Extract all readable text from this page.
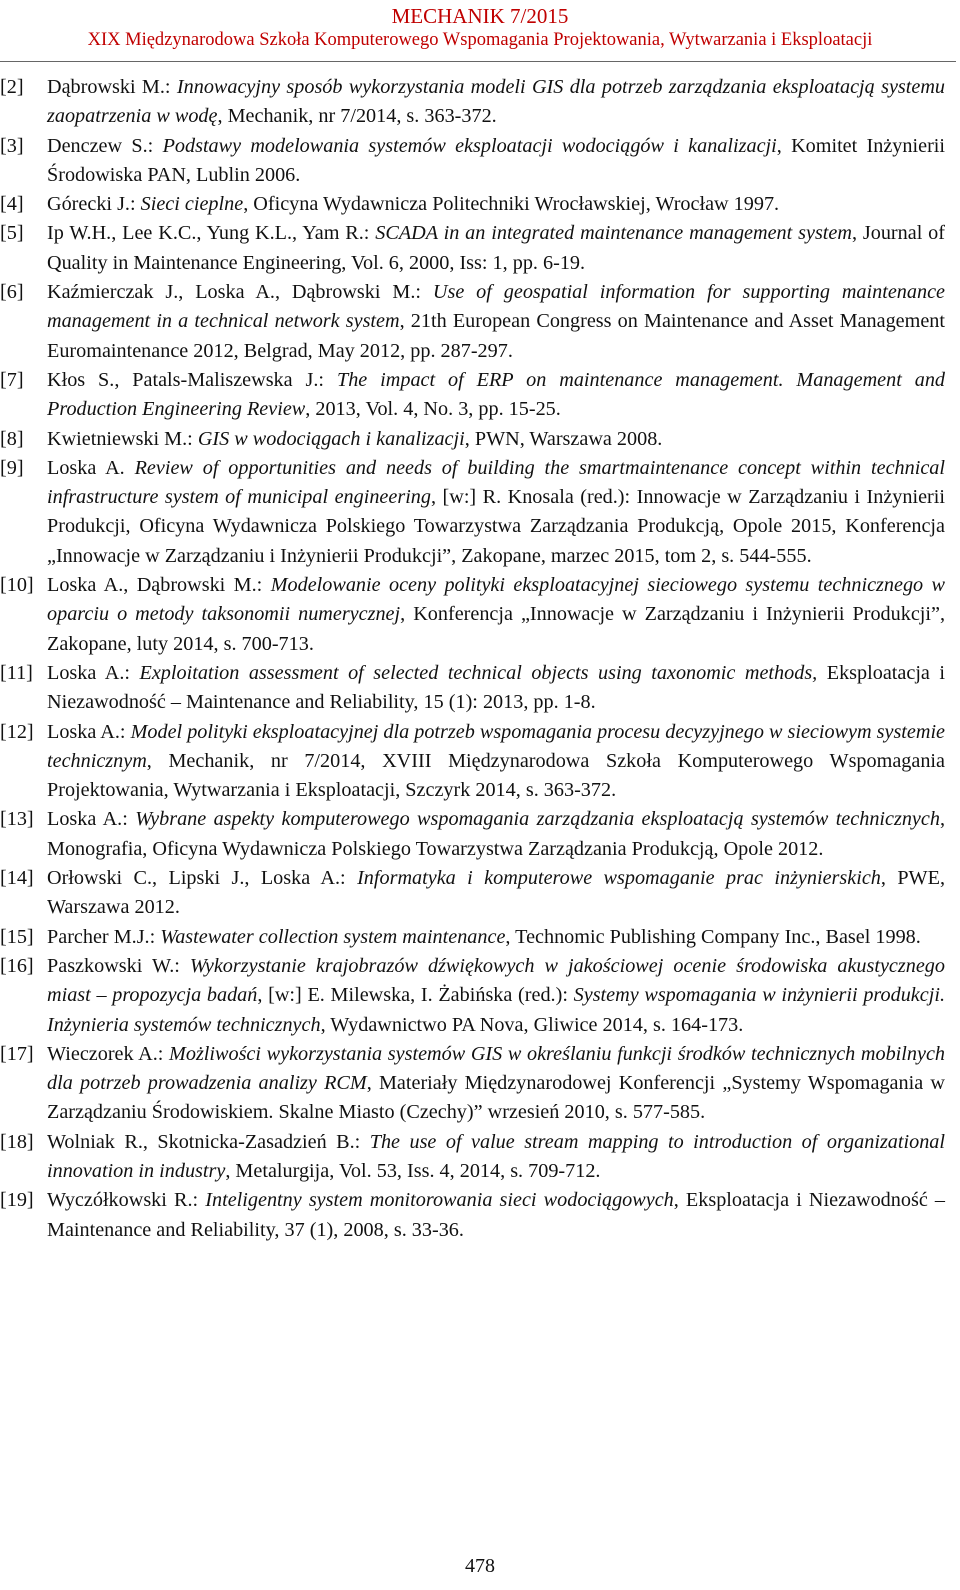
MECHANIK 7/2015
XIX Międzynarodowa Szkoła Komputerowego Wspomagania Projektowania, Wytwarzania i Eksploatacji
[2]	Dąbrowski M.: Innowacyjny sposób wykorzystania modeli GIS dla potrzeb zarządzania eksploatacją systemu zaopatrzenia w wodę, Mechanik, nr 7/2014, s. 363-372.
[3]	Denczew S.: Podstawy modelowania systemów eksploatacji wodociągów i kanalizacji, Komitet Inżynierii Środowiska PAN, Lublin 2006.
[4]	Górecki J.: Sieci cieplne, Oficyna Wydawnicza Politechniki Wrocławskiej, Wrocław 1997.
[5]	Ip W.H., Lee K.C., Yung K.L., Yam R.: SCADA in an integrated maintenance management system, Journal of Quality in Maintenance Engineering, Vol. 6, 2000, Iss: 1, pp. 6-19.
[6]	Kaźmierczak J., Loska A., Dąbrowski M.: Use of geospatial information for supporting maintenance management in a technical network system, 21th European Congress on Maintenance and Asset Management Euromaintenance 2012, Belgrad, May 2012, pp. 287-297.
[7]	Kłos S., Patals-Maliszewska J.: The impact of ERP on maintenance management. Management and Production Engineering Review, 2013, Vol. 4, No. 3, pp. 15-25.
[8]	Kwietniewski M.: GIS w wodociągach i kanalizacji, PWN, Warszawa 2008.
[9]	Loska A. Review of opportunities and needs of building the smartmaintenance concept within technical infrastructure system of municipal engineering, [w:] R. Knosala (red.): Innowacje w Zarządzaniu i Inżynierii Produkcji, Oficyna Wydawnicza Polskiego Towarzystwa Zarządzania Produkcją, Opole 2015, Konferencja „Innowacje w Zarządzaniu i Inżynierii Produkcji”, Zakopane, marzec 2015, tom 2, s. 544-555.
[10] Loska A., Dąbrowski M.: Modelowanie oceny polityki eksploatacyjnej sieciowego systemu technicznego w oparciu o metody taksonomii numerycznej, Konferencja „Innowacje w Zarządzaniu i Inżynierii Produkcji”, Zakopane, luty 2014, s. 700-713.
[11] Loska A.: Exploitation assessment of selected technical objects using taxonomic methods, Eksploatacja i Niezawodność – Maintenance and Reliability, 15 (1): 2013, pp. 1-8.
[12] Loska A.: Model polityki eksploatacyjnej dla potrzeb wspomagania procesu decyzyjnego w sieciowym systemie technicznym, Mechanik, nr 7/2014, XVIII Międzynarodowa Szkoła Komputerowego Wspomagania Projektowania, Wytwarzania i Eksploatacji, Szczyrk 2014, s. 363-372.
[13] Loska A.: Wybrane aspekty komputerowego wspomagania zarządzania eksploatacją systemów technicznych, Monografia, Oficyna Wydawnicza Polskiego Towarzystwa Zarządzania Produkcją, Opole 2012.
[14] Orłowski C., Lipski J., Loska A.: Informatyka i komputerowe wspomaganie prac inżynierskich, PWE, Warszawa 2012.
[15] Parcher M.J.: Wastewater collection system maintenance, Technomic Publishing Company Inc., Basel 1998.
[16] Paszkowski W.: Wykorzystanie krajobrazów dźwiękowych w jakościowej ocenie środowiska akustycznego miast – propozycja badań, [w:] E. Milewska, I. Żabińska (red.): Systemy wspomagania w inżynierii produkcji. Inżynieria systemów technicznych, Wydawnictwo PA Nova, Gliwice 2014, s. 164-173.
[17] Wieczorek A.: Możliwości wykorzystania systemów GIS w określaniu funkcji środków technicznych mobilnych dla potrzeb prowadzenia analizy RCM, Materiały Międzynarodowej Konferencji „Systemy Wspomagania w Zarządzaniu Środowiskiem. Skalne Miasto (Czechy)” wrzesień 2010, s. 577-585.
[18] Wolniak R., Skotnicka-Zasadzień B.: The use of value stream mapping to introduction of organizational innovation in industry, Metalurgija, Vol. 53, Iss. 4, 2014, s. 709-712.
[19] Wyczółkowski R.: Inteligentny system monitorowania sieci wodociągowych, Eksploatacja i Niezawodność – Maintenance and Reliability, 37 (1), 2008, s. 33-36.
478
